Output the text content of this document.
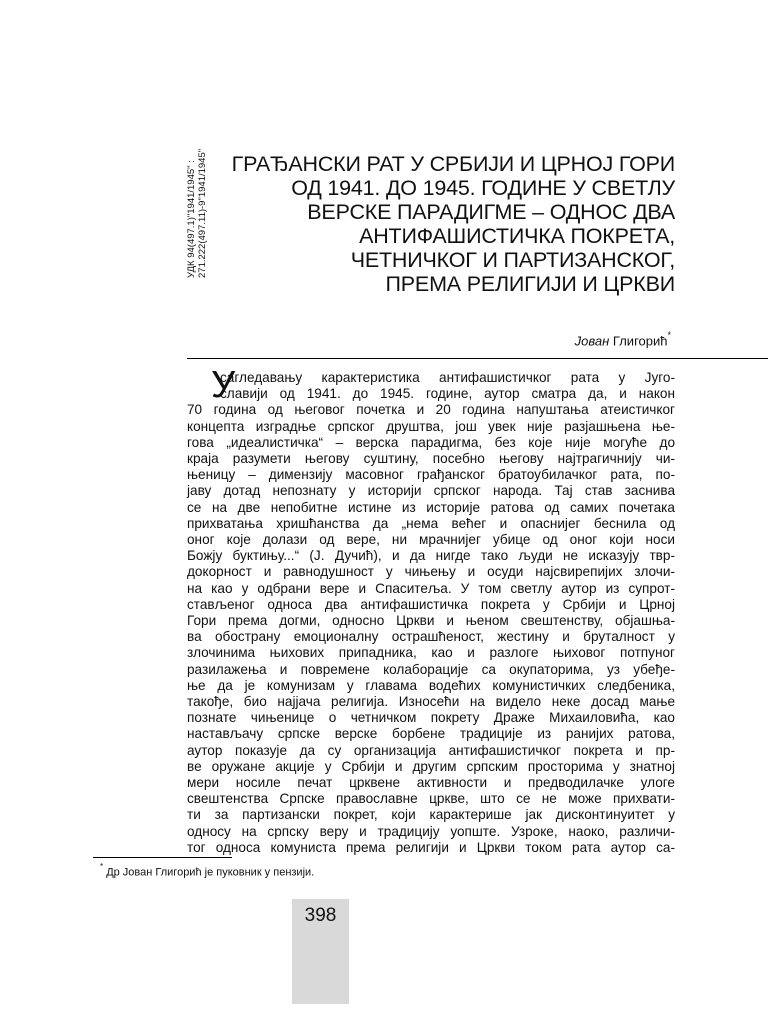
УДК 94(497.1)"1941/1945" : 271.222(497.11)-9"1941/1945"	ГРАЂАНСКИ РАТ У СРБИЈИ И ЦРНОЈ ГОРИ
ОД 1941. ДО 1945. ГОДИНЕ У СВЕТЛУ
ВЕРСКЕ ПАРАДИГМЕ – ОДНОС ДВА
АНТИФАШИСТИЧКА ПОКРЕТА,
ЧЕТНИЧКОГ И ПАРТИЗАНСКОГ,
ПРЕМА РЕЛИГИЈИ И ЦРКВИ
Јован Глигорић*
У
сагледавању карактеристика антифашистичког рата у Југо-
славији од 1941. до 1945. године, аутор сматра да, и након
70 година од његовог почетка и 20 година напуштања атеистичког
концепта изградње српског друштва, још увек није разјашњена ње-
гова „идеалистичка“ – верска парадигма, без које није могуће до
краја разумети његову суштину, посебно његову најтрагичнију чи-
њеницу – димензију масовног грађанског братоубилачког рата, по-
јаву дотад непознату у историји српског народа. Тај став заснива
се на две непобитне истине из историје ратова од самих почетака
прихватања хришћанства да „нема већег и опаснијег беснила од
оног које долази од вере, ни мрачнијег убице од оног који носи
Божју буктињу...“ (Ј. Дучић), и да нигде тако људи не исказују твр-
докорност и равнодушност у чињењу и осуди најсвирепијих злочи-
на као у одбрани вере и Спаситеља. У том светлу аутор из супрот-
стављеног односа два антифашистичка покрета у Србији и Црној
Гори према догми, односно Цркви и њеном свештенству, објашња-
ва обострану емоционалну острашћеност, жестину и бруталност у
злочинима њихових припадника, као и разлоге њиховог потпуног
разилажења и повремене колаборације са окупаторима, уз убеђе-
ње да је комунизам у главама водећих комунистичких следбеника,
такође, био најјача религија. Износећи на видело неке досад мање
познате чињенице о четничком покрету Драже Михаиловића, као
настављачу српске верске борбене традиције из ранијих ратова,
аутор показује да су организација антифашистичког покрета и пр-
ве оружане акције у Србији и другим српским просторима у знатној
мери носиле печат црквене активности и предводилачке улоге
свештенства Српске православне цркве, што се не може прихвати-
ти за партизански покрет, који карактерише јак дисконтинуитет у
односу на српску веру и традицију уопште. Узроке, наоко, различи-
тог односа комуниста према религији и Цркви током рата аутор са-
* Др Јован Глигорић је пуковник у пензији.
398
